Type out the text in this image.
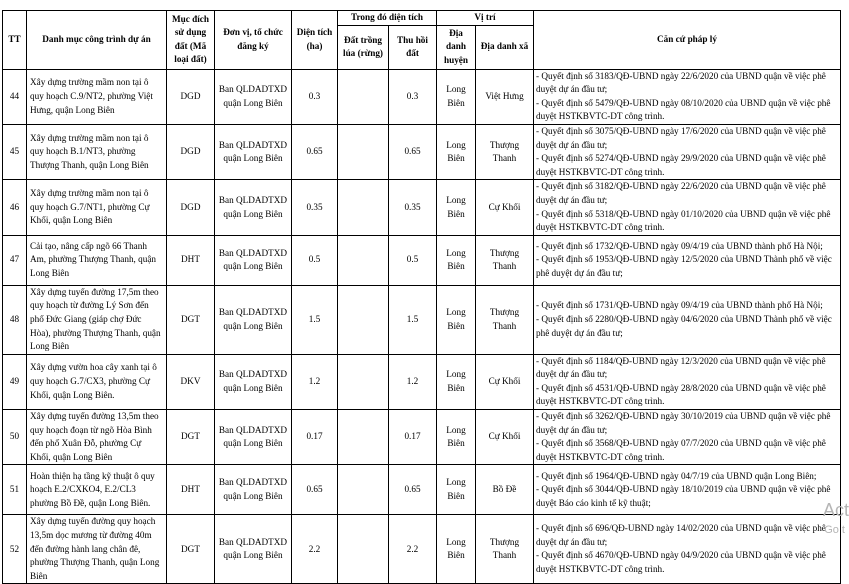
TT	Danh mục công trình dự án	Mục đích sử dụng đất (Mã loại đất)	Đơn vị, tổ chức đăng ký	Diện tích (ha)	Trong đó diện tích		Vị trí		Căn cứ pháp lý
					Đất trồng lúa (rừng)	Thu hồi đất	Địa danh huyện	Địa danh xã	
44	Xây dựng trường mầm non tại ô quy hoạch C.9/NT2, phường Việt Hưng, quận Long Biên	DGD	Ban QLDADTXD quận Long Biên	0.3		0.3	Long Biên	Việt Hưng	- Quyết định số 3183/QĐ-UBND ngày 22/6/2020 của UBND quận về việc phê duyệt dự án đầu tư;
- Quyết định số 5479/QĐ-UBND ngày 08/10/2020 của UBND quận về việc phê duyệt HSTKBVTC-DT công trình.

45	Xây dựng trường mầm non tại ô quy hoạch B.1/NT3, phường Thượng Thanh, quận Long Biên	DGD	Ban QLDADTXD quận Long Biên	0.65		0.65	Long Biên	Thượng Thanh	- Quyết định số 3075/QĐ-UBND ngày 17/6/2020 của UBND quận về việc phê duyệt dự án đầu tư;
- Quyết định số 5274/QĐ-UBND ngày 29/9/2020 của UBND quận về việc phê duyệt HSTKBVTC-DT công trình.

46	Xây dựng trường mầm non tại ô quy hoạch G.7/NT1, phường Cự Khối, quận Long Biên	DGD	Ban QLDADTXD quận Long Biên	0.35		0.35	Long Biên	Cự Khối	- Quyết định số 3182/QĐ-UBND ngày 22/6/2020 của UBND quận về việc phê duyệt dự án đầu tư;
- Quyết định số 5318/QĐ-UBND ngày 01/10/2020 của UBND quận về việc phê duyệt HSTKBVTC-DT công trình.

47	Cải tạo, nâng cấp ngõ 66 Thanh Am, phường Thượng Thanh, quận Long Biên	DHT	Ban QLDADTXD quận Long Biên	0.5		0.5	Long Biên	Thượng Thanh	- Quyết định số 1732/QĐ-UBND ngày 09/4/19 của UBND thành phố Hà Nội;
- Quyết định số 1953/QĐ-UBND ngày 12/5/2020 của UBND Thành phố về việc phê duyệt dự án đầu tư;

48	Xây dựng tuyến đường 17,5m theo quy hoạch từ đường Lý Sơn đến phố Đức Giang (giáp chợ Đức Hòa), phường Thượng Thanh, quận Long Biên	DGT	Ban QLDADTXD quận Long Biên	1.5		1.5	Long Biên	Thượng Thanh	- Quyết định số 1731/QĐ-UBND ngày 09/4/19 của UBND thành phố Hà Nội;
- Quyết định số 2280/QĐ-UBND ngày 04/6/2020 của UBND Thành phố về việc phê duyệt dự án đầu tư;

49	Xây dựng vườn hoa cây xanh tại ô quy hoạch G.7/CX3, phường Cự Khối, quận Long Biên.	DKV	Ban QLDADTXD quận Long Biên	1.2		1.2	Long Biên	Cự Khối	- Quyết định số 1184/QĐ-UBND ngày 12/3/2020 của UBND quận về việc phê duyệt dự án đầu tư;
- Quyết định số 4531/QĐ-UBND ngày 28/8/2020 của UBND quận về việc phê duyệt HSTKBVTC-DT công trình.

50	Xây dựng tuyến đường 13,5m theo quy hoạch đoạn từ ngõ Hòa Bình đến phố Xuân Đỗ, phường Cự Khối, quận Long Biên	DGT	Ban QLDADTXD quận Long Biên	0.17		0.17	Long Biên	Cự Khối	- Quyết định số 3262/QĐ-UBND ngày 30/10/2019 của UBND quận về việc phê duyệt dự án đầu tư;
- Quyết định số 3568/QĐ-UBND ngày 07/7/2020 của UBND quận về việc phê duyệt HSTKBVTC-DT công trình.

51	Hoàn thiện hạ tầng kỹ thuật ô quy hoạch E.2/CXKO4, E.2/CL3 phường Bồ Đề, quận Long Biên.	DHT	Ban QLDADTXD quận Long Biên	0.65		0.65	Long Biên	Bồ Đề	- Quyết định số 1964/QĐ-UBND ngày 04/7/19 của UBND quận Long Biên;
- Quyết định số 3044/QĐ-UBND ngày 18/10/2019 của UBND quận về việc phê duyệt Báo cáo kinh tế kỹ thuật;

52	Xây dựng tuyến đường quy hoạch 13,5m dọc mương từ đường 40m đến đường hành lang chân đê, phường Thượng Thanh, quận Long Biên	DGT	Ban QLDADTXD quận Long Biên	2.2		2.2	Long Biên	Thượng Thanh	- Quyết định số 696/QĐ-UBND ngày 14/02/2020 của UBND quận về việc phê duyệt dự án đầu tư;
- Quyết định số 4670/QĐ-UBND ngày 04/9/2020 của UBND quận về việc phê duyệt HSTKBVTC-DT công trình.
Act
Go t
